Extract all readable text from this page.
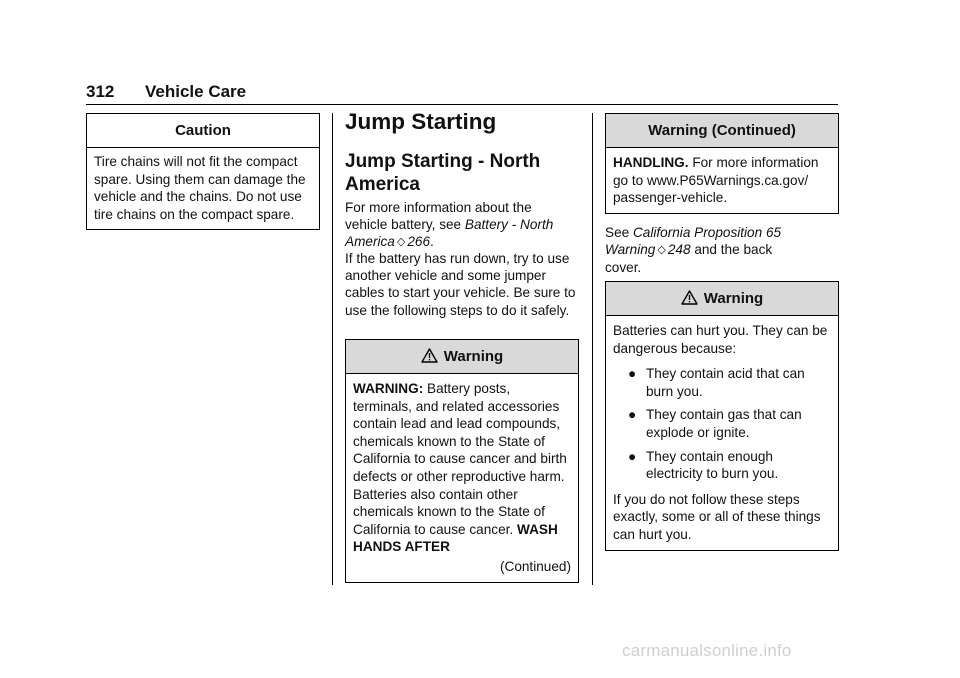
312 Vehicle Care
Caution

Tire chains will not fit the compact spare. Using them can damage the vehicle and the chains. Do not use tire chains on the compact spare.

Jump Starting
Jump Starting - North America

For more information about the vehicle battery, see Battery - North America ◇ 266.

If the battery has run down, try to use another vehicle and some jumper cables to start your vehicle. Be sure to use the following steps to do it safely.

Warning

WARNING: Battery posts, terminals, and related accessories contain lead and lead compounds, chemicals known to the State of California to cause cancer and birth defects or other reproductive harm. Batteries also contain other chemicals known to the State of California to cause cancer. WASH HANDS AFTER

(Continued)
Warning (Continued)

HANDLING. For more information go to www.P65Warnings.ca.gov/ passenger-vehicle.

See California Proposition 65 Warning ◇ 248 and the back cover.

Warning

Batteries can hurt you. They can be dangerous because:

● They contain acid that can burn you.
● They contain gas that can explode or ignite.
● They contain enough electricity to burn you.

If you do not follow these steps exactly, some or all of these things can hurt you.

carmanualsonline.info
